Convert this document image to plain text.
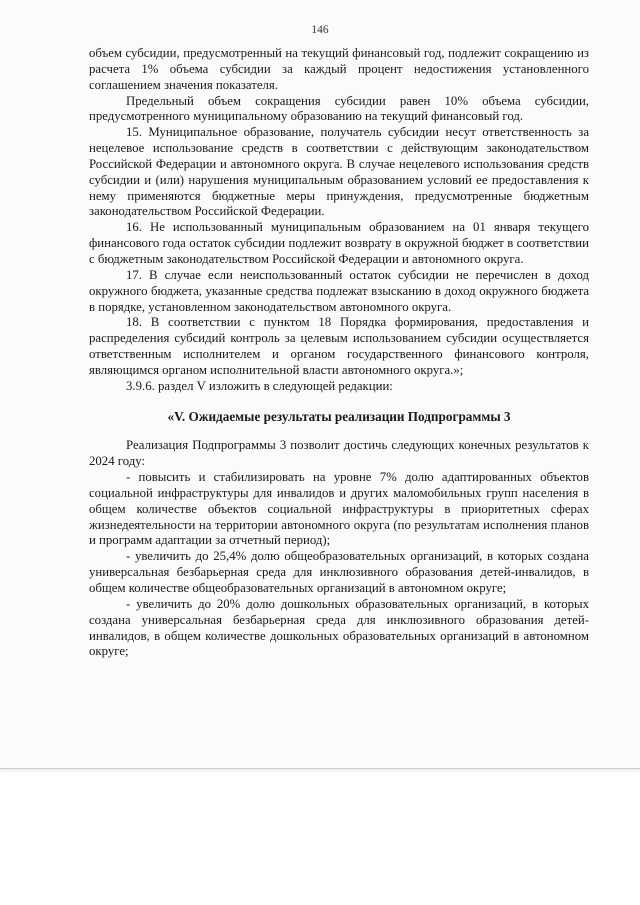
146

объем субсидии, предусмотренный на текущий финансовый год, подлежит сокращению из расчета 1% объема субсидии за каждый процент недостижения установленного соглашением значения показателя.

Предельный объем сокращения субсидии равен 10% объема субсидии, предусмотренного муниципальному образованию на текущий финансовый год.

15. Муниципальное образование, получатель субсидии несут ответственность за нецелевое использование средств в соответствии с действующим законодательством Российской Федерации и автономного округа. В случае нецелевого использования средств субсидии и (или) нарушения муниципальным образованием условий ее предоставления к нему применяются бюджетные меры принуждения, предусмотренные бюджетным законодательством Российской Федерации.

16. Не использованный муниципальным образованием на 01 января текущего финансового года остаток субсидии подлежит возврату в окружной бюджет в соответствии с бюджетным законодательством Российской Федерации и автономного округа.

17. В случае если неиспользованный остаток субсидии не перечислен в доход окружного бюджета, указанные средства подлежат взысканию в доход окружного бюджета в порядке, установленном законодательством автономного округа.

18. В соответствии с пунктом 18 Порядка формирования, предоставления и распределения субсидий контроль за целевым использованием субсидии осуществляется ответственным исполнителем и органом государственного финансового контроля, являющимся органом исполнительной власти автономного округа.»;

3.9.6. раздел V изложить в следующей редакции:

«V. Ожидаемые результаты реализации Подпрограммы 3

Реализация Подпрограммы 3 позволит достичь следующих конечных результатов к 2024 году:

- повысить и стабилизировать на уровне 7% долю адаптированных объектов социальной инфраструктуры для инвалидов и других маломобильных групп населения в общем количестве объектов социальной инфраструктуры в приоритетных сферах жизнедеятельности на территории автономного округа (по результатам исполнения планов и программ адаптации за отчетный период);

- увеличить до 25,4% долю общеобразовательных организаций, в которых создана универсальная безбарьерная среда для инклюзивного образования детей-инвалидов, в общем количестве общеобразовательных организаций в автономном округе;

- увеличить до 20% долю дошкольных образовательных организаций, в которых создана универсальная безбарьерная среда для инклюзивного образования детей-инвалидов, в общем количестве дошкольных образовательных организаций в автономном округе;
